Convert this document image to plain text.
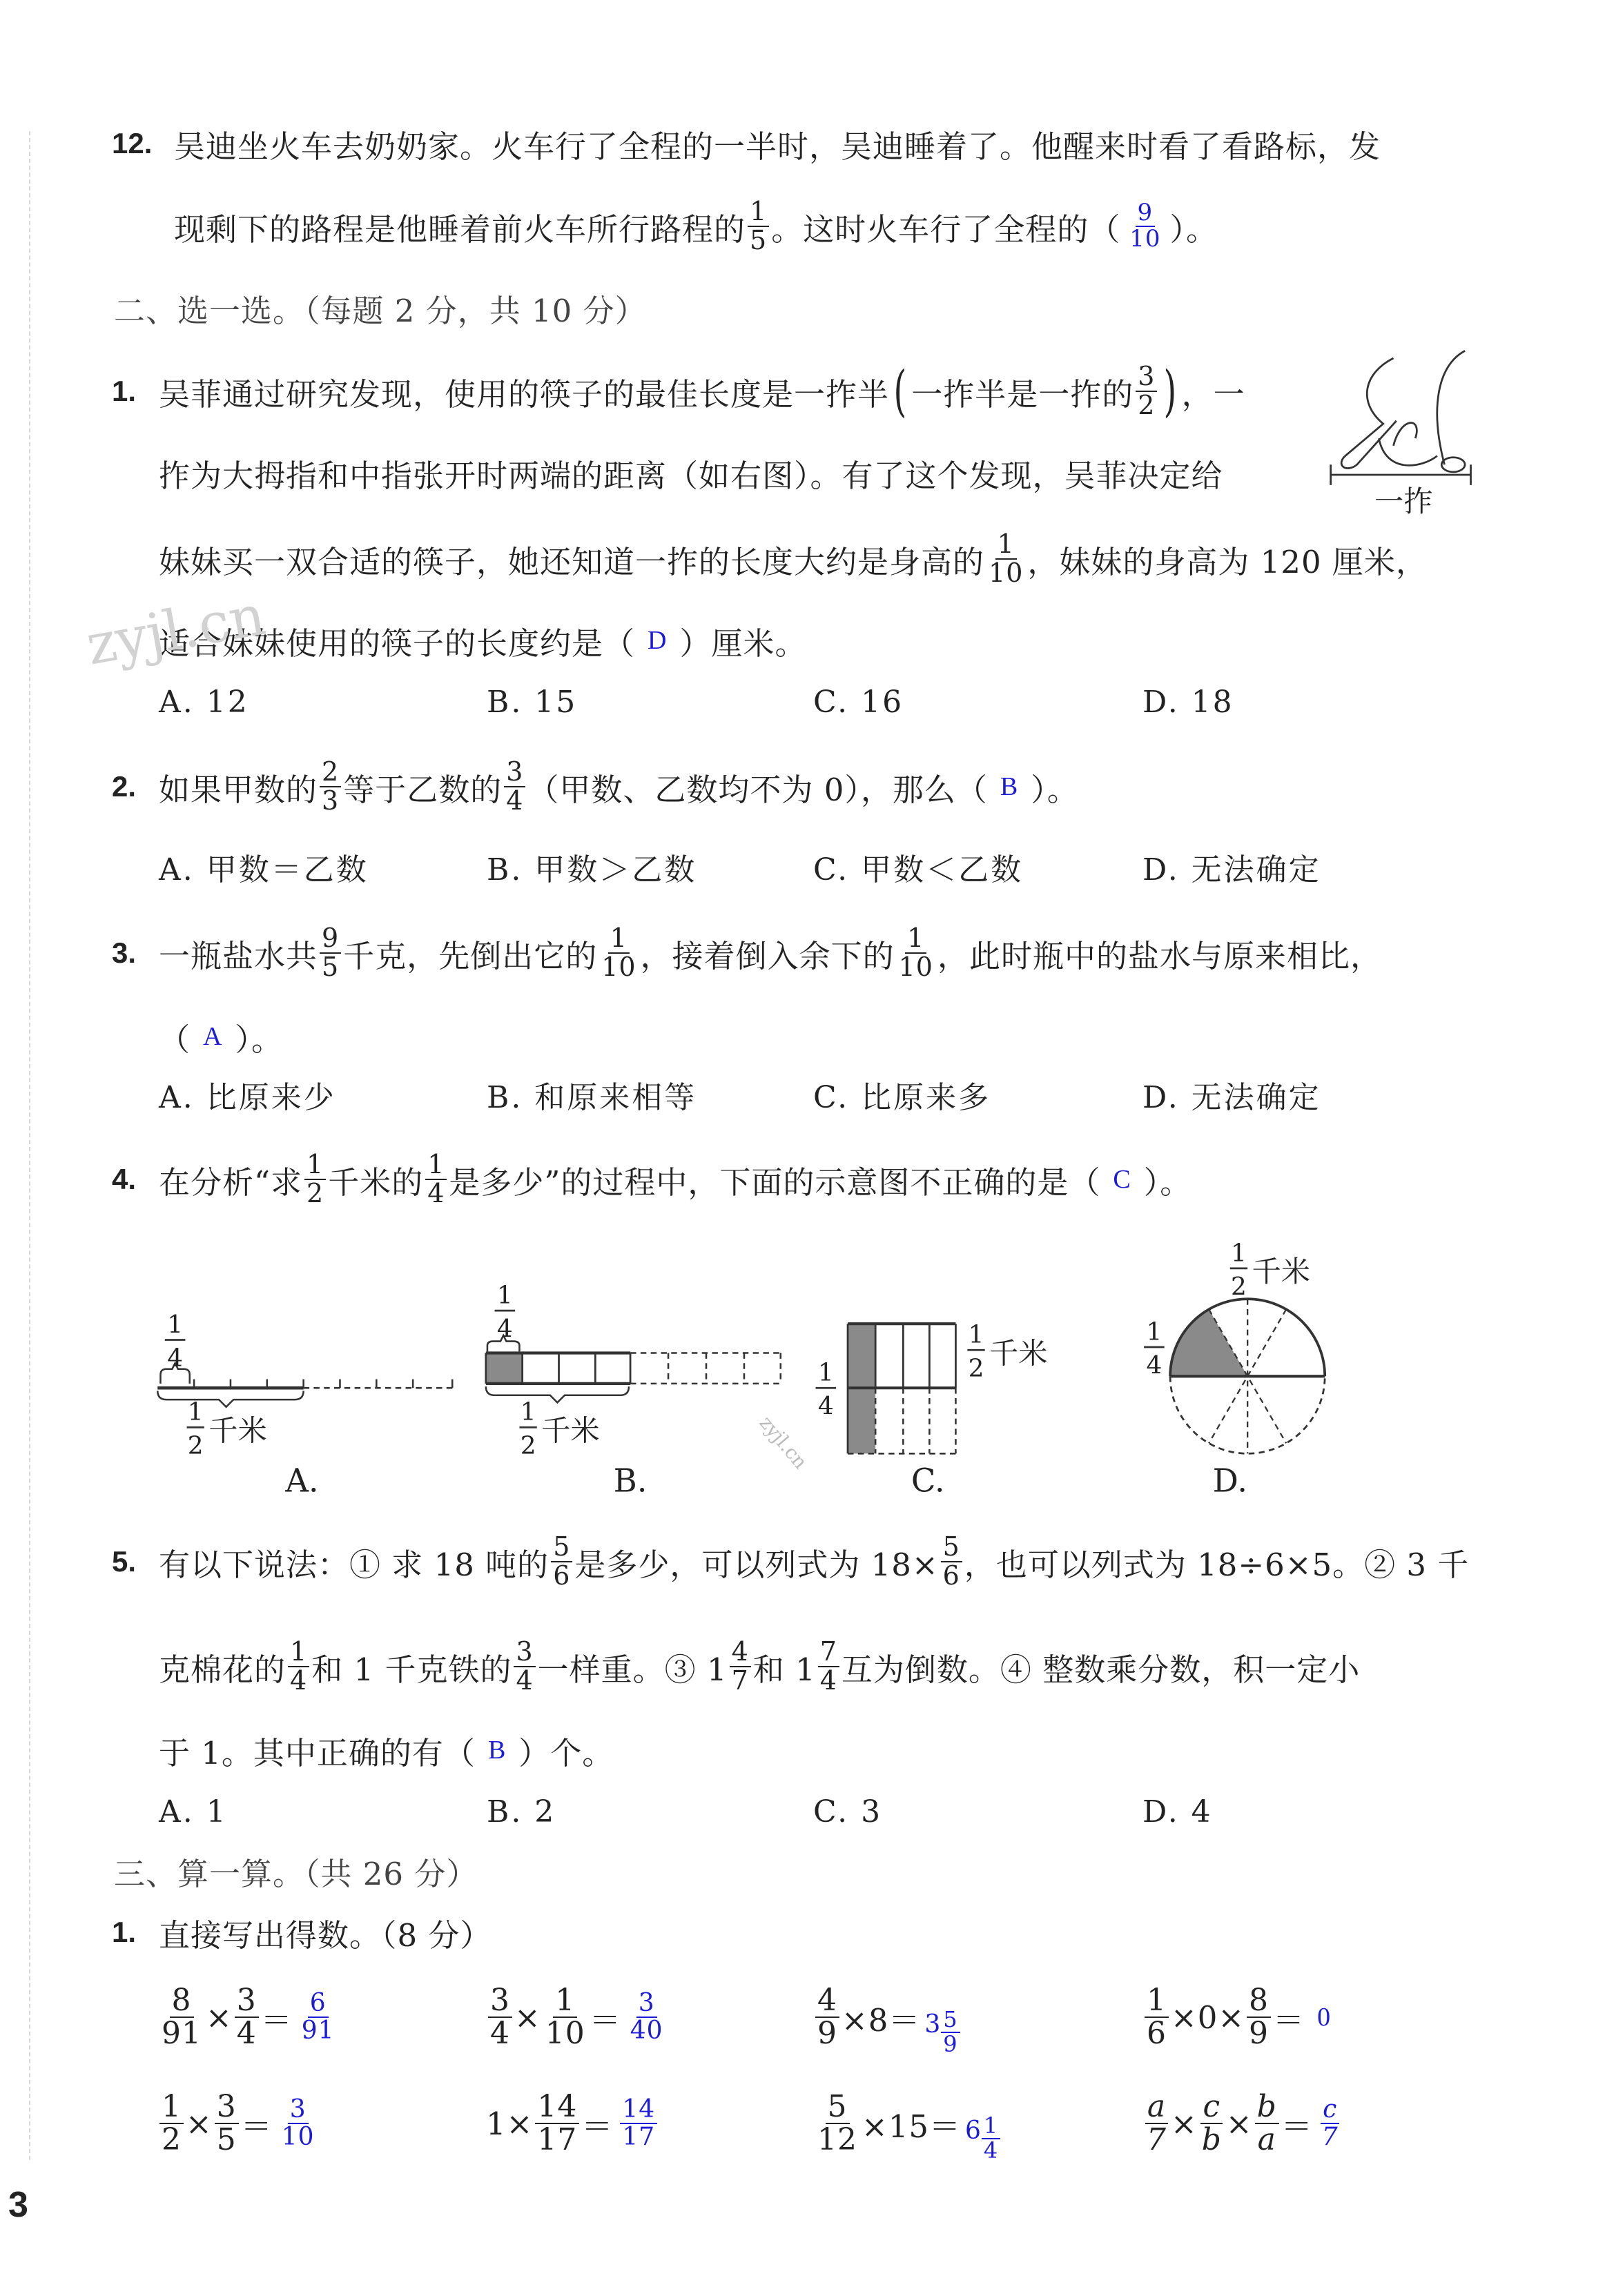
12. 吴迪坐火车去奶奶家。火车行了全程的一半时，吴迪睡着了。他醒来时看了看路标，发
现剩下的路程是他睡着前火车所行路程的 $\frac{1}{5}$ 。这时火车行了全程的（ $\frac{9}{10}$ ）。
二、选一选。（每题 2 分，共 10 分）
1. 吴菲通过研究发现，使用的筷子的最佳长度是一拃半 ( 一拃半是一拃的 $\frac{3}{2}$ ) ，一
拃为大拇指和中指张开时两端的距离（如右图）。有了这个发现，吴菲决定给
妹妹买一双合适的筷子，她还知道一拃的长度大约是身高的 $\frac{1}{10}$ ，妹妹的身高为 120 厘米，
适合妹妹使用的筷子的长度约是（ D ）厘米。
A. 12	B. 15	C. 16	D. 18
2. 如果甲数的 $\frac{2}{3}$ 等于乙数的 $\frac{3}{4}$ （甲数、乙数均不为 0），那么（ B ）。
A. 甲数＝乙数	B. 甲数＞乙数	C. 甲数＜乙数	D. 无法确定
3. 一瓶盐水共 $\frac{9}{5}$ 千克，先倒出它的 $\frac{1}{10}$ ，接着倒入余下的 $\frac{1}{10}$ ，此时瓶中的盐水与原来相比，
（ A ）。
A. 比原来少	B. 和原来相等	C. 比原来多	D. 无法确定
4. 在分析“求 $\frac{1}{2}$ 千米的 $\frac{1}{4}$ 是多少”的过程中，下面的示意图不正确的是（ C ）。
5. 有以下说法：① 求 18 吨的 $\frac{5}{6}$ 是多少，可以列式为 $18\times \frac{5}{6}$ ，也可以列式为 18÷6×5。② 3 千
克棉花的 $\frac{1}{4}$ 和 1 千克铁的 $\frac{3}{4}$ 一样重。③ $1 \frac{4}{7}$ 和 $1 \frac{7}{4}$ 互为倒数。④ 整数乘分数，积一定小
于 1。其中正确的有（ B ）个。
A. 1	B. 2	C. 3	D. 4
三、算一算。（共 26 分）
1. 直接写出得数。（8 分）
$\frac{8}{91} \times \frac{3}{4} = \frac{6}{91}$	$\frac{3}{4} \times \frac{1}{10} = \frac{3}{40}$	$\frac{4}{9} \times 8= 3 \frac{5}{9}$	$\frac{1}{6} \times 0\times \frac{8}{9} = 0$
$\frac{1}{2} \times \frac{3}{5} = \frac{3}{10}$	$1\times \frac{14}{17} = \frac{14}{17}$	$\frac{5}{12} \times 15= 6 \frac{1}{4}$	$\frac{a}{7} \times \frac{c}{b} \times \frac{b}{a} = \frac{c}{7}$
3
一拃
zyjl.cn
zyjl.cn
1
4
1
2 千米
A.
1
4
1
2 千米
B.
1
2 千米
1
4
C.
1
2 千米
1
4
D.
